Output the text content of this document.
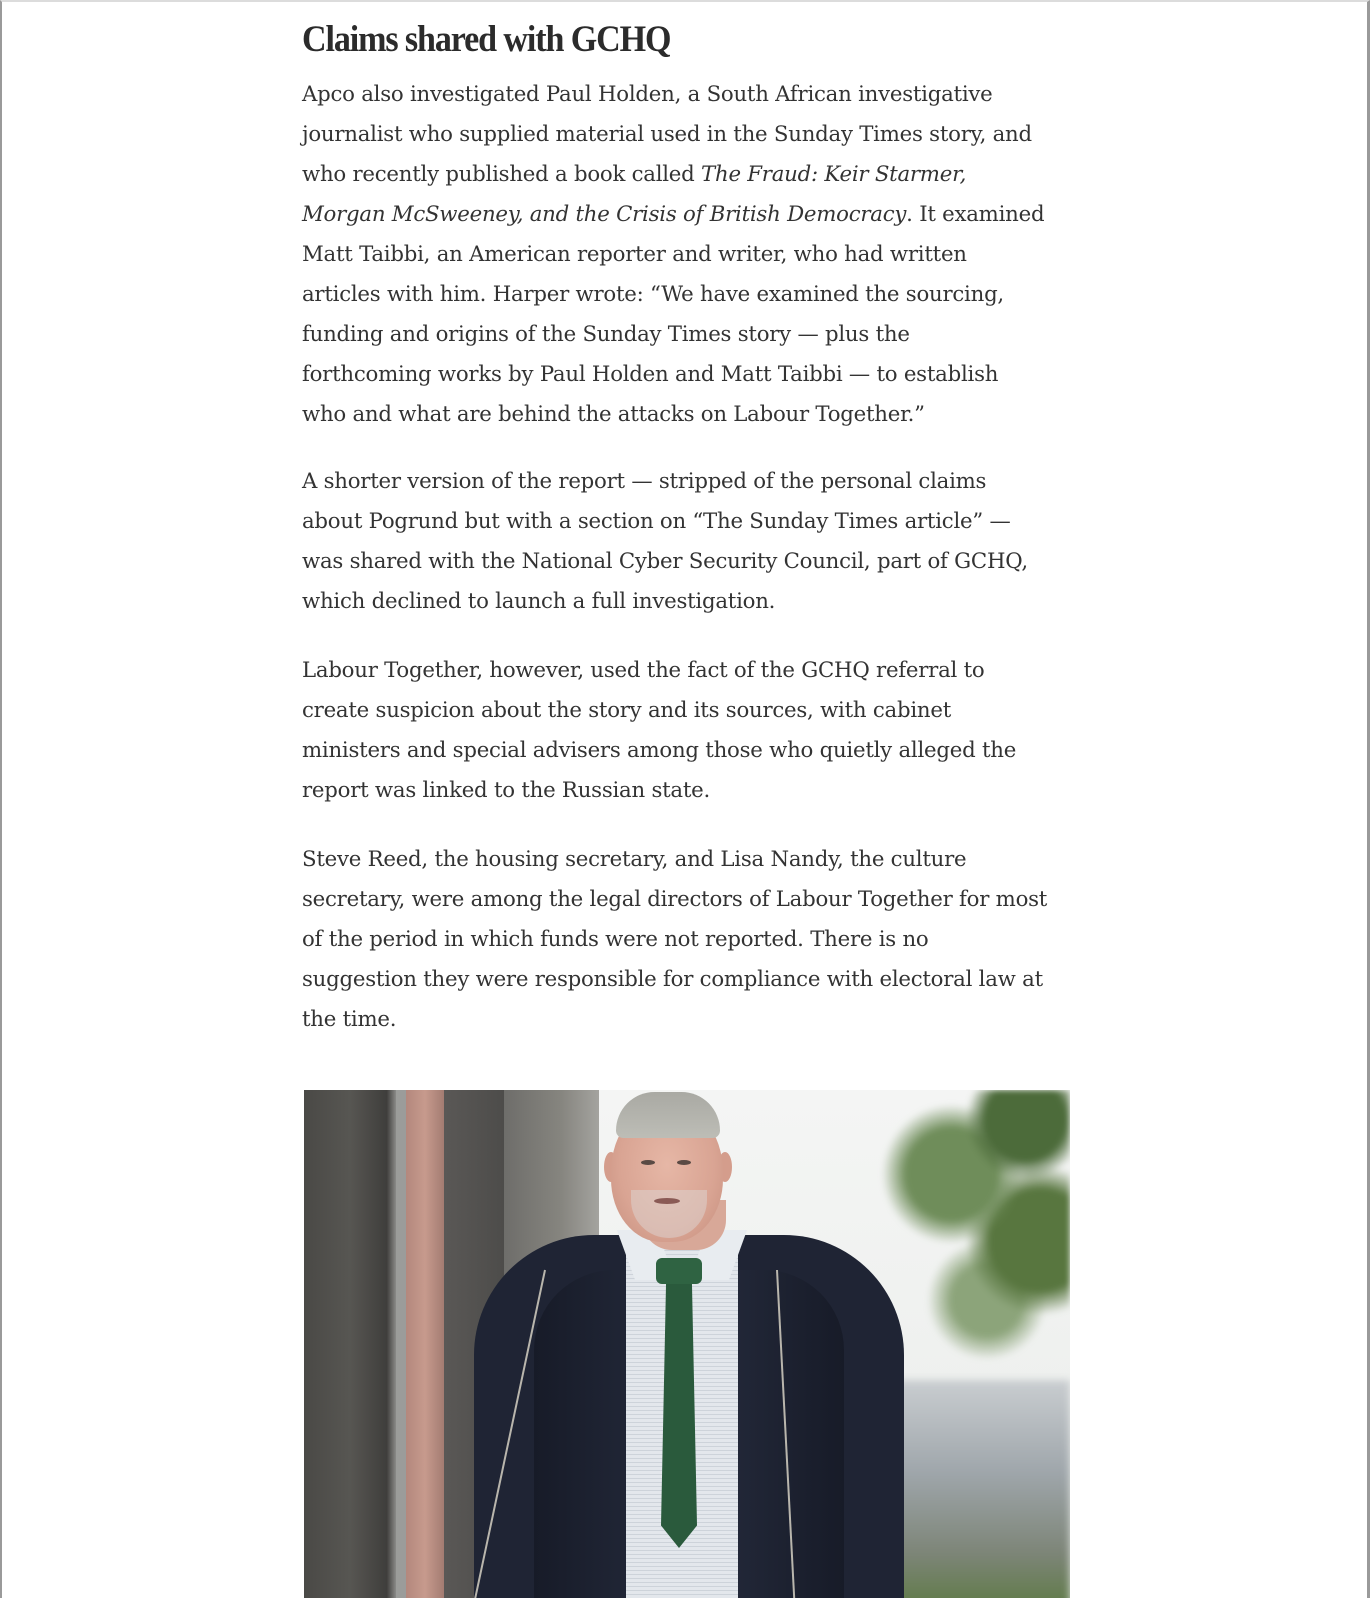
Claims shared with GCHQ

Apco also investigated Paul Holden, a South African investigative
journalist who supplied material used in the Sunday Times story, and
who recently published a book called The Fraud: Keir Starmer,
Morgan McSweeney, and the Crisis of British Democracy. It examined
Matt Taibbi, an American reporter and writer, who had written
articles with him. Harper wrote: “We have examined the sourcing,
funding and origins of the Sunday Times story — plus the
forthcoming works by Paul Holden and Matt Taibbi — to establish
who and what are behind the attacks on Labour Together.”

A shorter version of the report — stripped of the personal claims
about Pogrund but with a section on “The Sunday Times article” —
was shared with the National Cyber Security Council, part of GCHQ,
which declined to launch a full investigation.

Labour Together, however, used the fact of the GCHQ referral to
create suspicion about the story and its sources, with cabinet
ministers and special advisers among those who quietly alleged the
report was linked to the Russian state.

Steve Reed, the housing secretary, and Lisa Nandy, the culture
secretary, were among the legal directors of Labour Together for most
of the period in which funds were not reported. There is no
suggestion they were responsible for compliance with electoral law at
the time.
